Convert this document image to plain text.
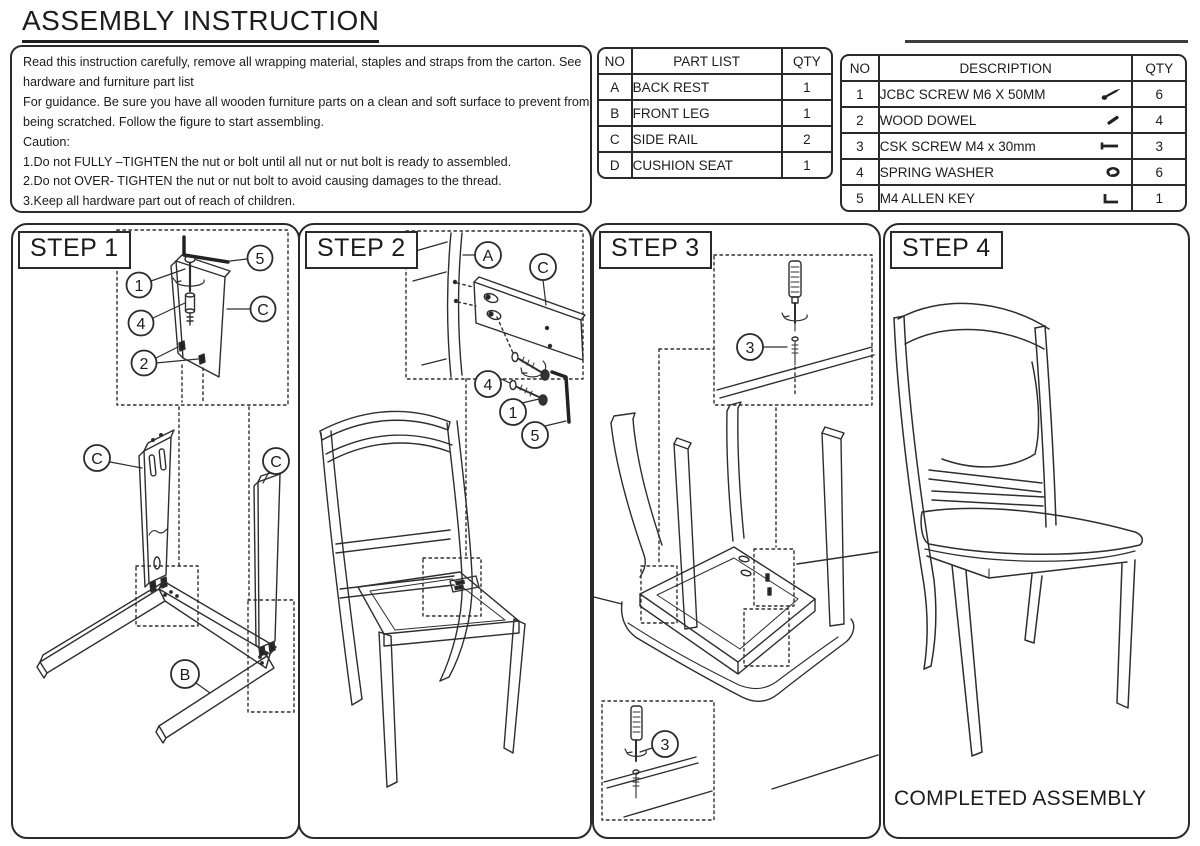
ASSEMBLY INSTRUCTION

Read this instruction carefully, remove all wrapping material, staples and straps from the carton. See

hardware and furniture part list

For guidance. Be sure you have all wooden furniture parts on a clean and soft surface to prevent from

being scratched. Follow the figure to start assembling.

Caution:

1.Do not FULLY –TIGHTEN the nut or bolt until all nut or nut bolt is ready to assembled.

2.Do not OVER- TIGHTEN the nut or nut bolt to avoid causing damages to the thread.

3.Keep all hardware part out of reach of children.

NO	PART LIST	QTY
A	BACK REST	1
B	FRONT LEG	1
C	SIDE RAIL	2
D	CUSHION SEAT	1
NO	DESCRIPTION	QTY
1	JCBC SCREW M6 X 50MM	6
2	WOOD DOWEL	4
3	CSK SCREW M4 x 30mm	3
4	SPRING WASHER	6
5	M4 ALLEN KEY	1
STEP 1
1
4
2
5
C
C	C
B
STEP 2	A
C
4
1
5
STEP 3
3
3
STEP 4
COMPLETED ASSEMBLY
